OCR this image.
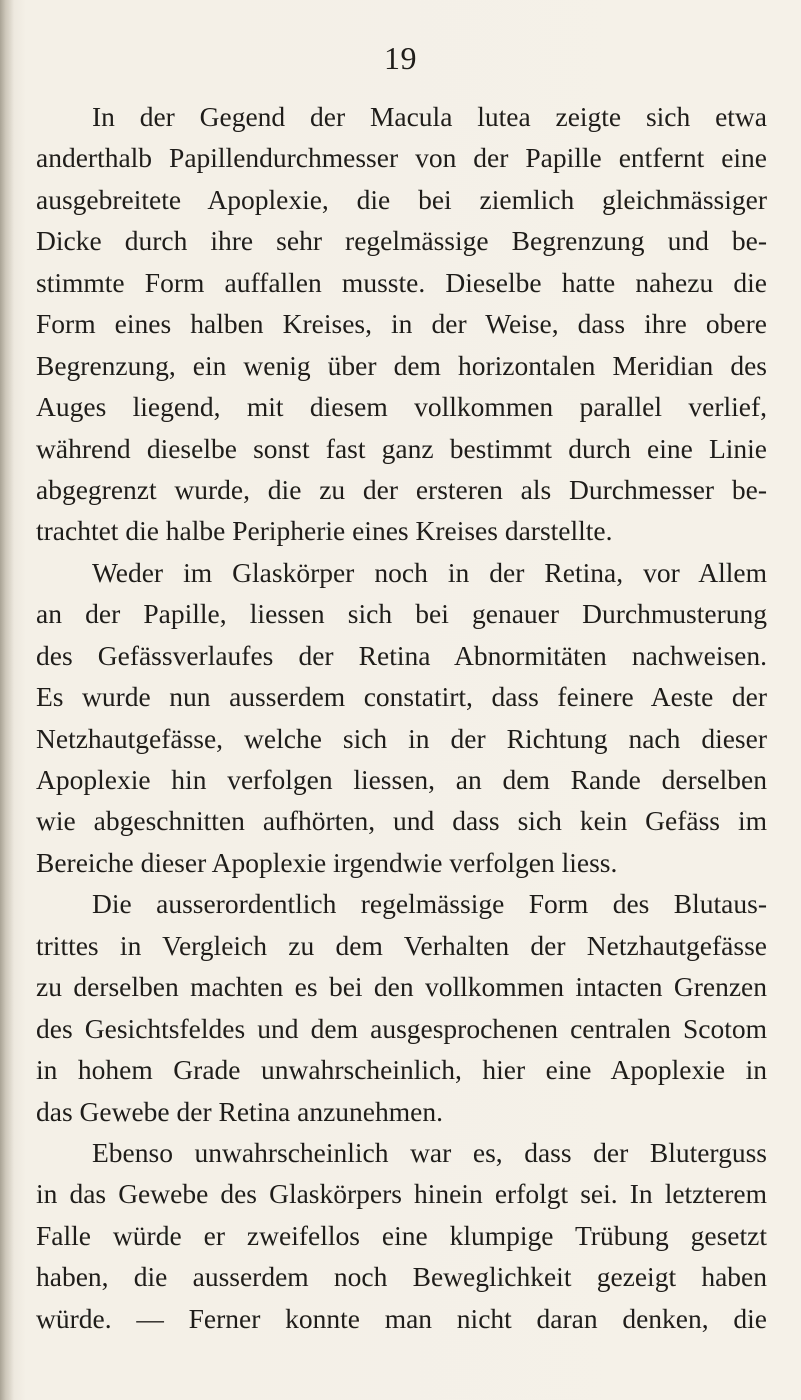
19
In der Gegend der Macula lutea zeigte sich etwa
anderthalb Papillendurchmesser von der Papille entfernt eine
ausgebreitete Apoplexie, die bei ziemlich gleichmässiger
Dicke durch ihre sehr regelmässige Begrenzung und be-
stimmte Form auffallen musste. Dieselbe hatte nahezu die
Form eines halben Kreises, in der Weise, dass ihre obere
Begrenzung, ein wenig über dem horizontalen Meridian des
Auges liegend, mit diesem vollkommen parallel verlief,
während dieselbe sonst fast ganz bestimmt durch eine Linie
abgegrenzt wurde, die zu der ersteren als Durchmesser be-
trachtet die halbe Peripherie eines Kreises darstellte.
Weder im Glaskörper noch in der Retina, vor Allem
an der Papille, liessen sich bei genauer Durchmusterung
des Gefässverlaufes der Retina Abnormitäten nachweisen.
Es wurde nun ausserdem constatirt, dass feinere Aeste der
Netzhautgefässe, welche sich in der Richtung nach dieser
Apoplexie hin verfolgen liessen, an dem Rande derselben
wie abgeschnitten aufhörten, und dass sich kein Gefäss im
Bereiche dieser Apoplexie irgendwie verfolgen liess.
Die ausserordentlich regelmässige Form des Blutaus-
trittes in Vergleich zu dem Verhalten der Netzhautgefässe
zu derselben machten es bei den vollkommen intacten Grenzen
des Gesichtsfeldes und dem ausgesprochenen centralen Scotom
in hohem Grade unwahrscheinlich, hier eine Apoplexie in
das Gewebe der Retina anzunehmen.
Ebenso unwahrscheinlich war es, dass der Bluterguss
in das Gewebe des Glaskörpers hinein erfolgt sei. In letzterem
Falle würde er zweifellos eine klumpige Trübung gesetzt
haben, die ausserdem noch Beweglichkeit gezeigt haben
würde. — Ferner konnte man nicht daran denken, die
